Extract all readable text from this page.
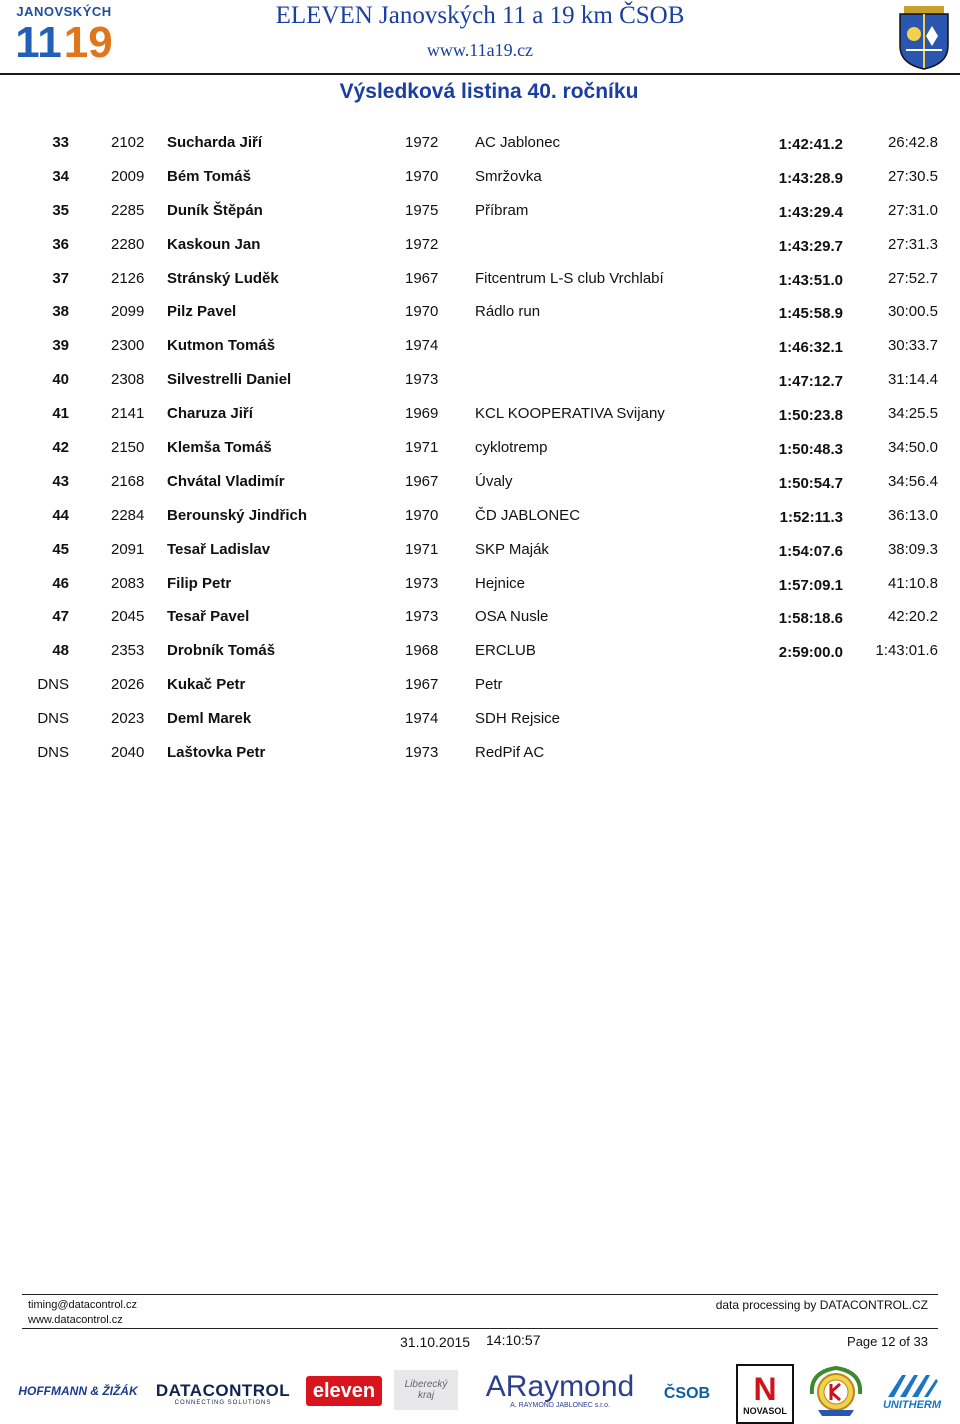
JANOVSKÝCH
11 19
ELEVEN Janovských 11 a 19 km ČSOB
www.11a19.cz
Výsledková listina 40. ročníku
33	2102 Sucharda Jiří	1972 AC Jablonec	1:42:41.2	26:42.8
34	2009 Bém Tomáš	1970 Smržovka	1:43:28.9	27:30.5
35	2285 Duník Štěpán	1975 Příbram	1:43:29.4	27:31.0
36	2280 Kaskoun Jan	1972	1:43:29.7	27:31.3
37	2126 Stránský Luděk	1967 Fitcentrum L-S club Vrchlabí	1:43:51.0	27:52.7
38	2099 Pilz Pavel	1970 Rádlo run	1:45:58.9	30:00.5
39	2300 Kutmon Tomáš	1974	1:46:32.1	30:33.7
40	2308 Silvestrelli Daniel	1973	1:47:12.7	31:14.4
41	2141 Charuza Jiří	1969 KCL KOOPERATIVA Svijany	1:50:23.8	34:25.5
42	2150 Klemša Tomáš	1971 cyklotremp	1:50:48.3	34:50.0
43	2168 Chvátal Vladimír	1967 Úvaly	1:50:54.7	34:56.4
44	2284 Berounský Jindřich	1970 ČD JABLONEC	1:52:11.3	36:13.0
45	2091 Tesař Ladislav	1971 SKP Maják	1:54:07.6	38:09.3
46	2083 Filip Petr	1973 Hejnice	1:57:09.1	41:10.8
47	2045 Tesař Pavel	1973 OSA Nusle	1:58:18.6	42:20.2
48	2353 Drobník Tomáš	1968 ERCLUB	2:59:00.0 1:43:01.6
DNS	2026 Kukač Petr	1967 Petr
DNS	2023 Deml Marek	1974 SDH Rejsice
DNS	2040 Laštovka Petr	1973 RedPif AC
timing@datacontrol.cz
www.datacontrol.cz
data processing by DATACONTROL.CZ
31.10.2015 14:10:57	Page 12 of 33
HOFFMANN & ŽIŽÁK DATACONTROL
CONNECTING SOLUTIONS
eleven	Liberecký
kraj ARaymond
A. RAYMOND JABLONEC s.r.o.
ČSOB N
NOVASOL	UNITHERM
